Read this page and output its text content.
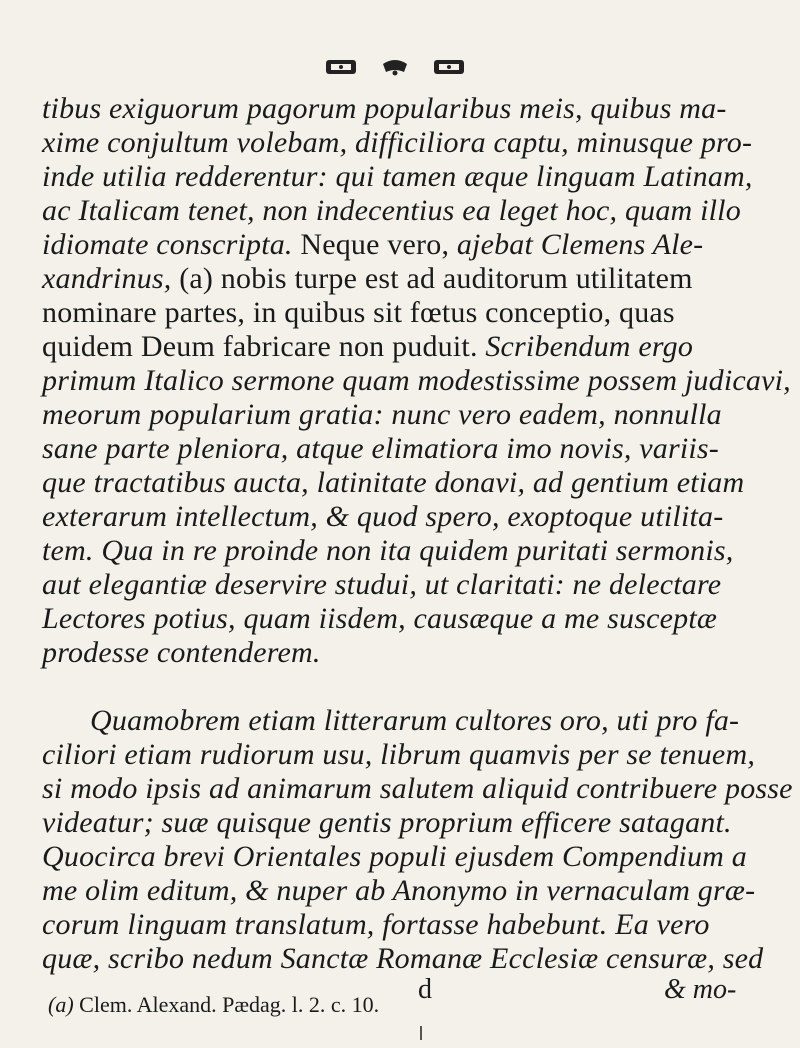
tibus exiguorum pagorum popularibus meis, quibus ma-
xime conjultum volebam, difficiliora captu, minusque pro-
inde utilia redderentur: qui tamen æque linguam Latinam,
ac Italicam tenet, non indecentius ea leget hoc, quam illo
idiomate conscripta. Neque vero, ajebat Clemens Ale-
xandrinus, (a) nobis turpe est ad auditorum utilitatem
nominare partes, in quibus sit fœtus conceptio, quas
quidem Deum fabricare non puduit. Scribendum ergo
primum Italico sermone quam modestissime possem judicavi,
meorum popularium gratia: nunc vero eadem, nonnulla
sane parte pleniora, atque elimatiora imo novis, variis-
que tractatibus aucta, latinitate donavi, ad gentium etiam
exterarum intellectum, & quod spero, exoptoque utilita-
tem. Qua in re proinde non ita quidem puritati sermonis,
aut elegantiæ deservire studui, ut claritati: ne delectare
Lectores potius, quam iisdem, causæque a me susceptæ
prodesse contenderem.
Quamobrem etiam litterarum cultores oro, uti pro fa-
ciliori etiam rudiorum usu, librum quamvis per se tenuem,
si modo ipsis ad animarum salutem aliquid contribuere posse
videatur; suæ quisque gentis proprium efficere satagant.
Quocirca brevi Orientales populi ejusdem Compendium a
me olim editum, & nuper ab Anonymo in vernaculam græ-
corum linguam translatum, fortasse habebunt. Ea vero
quæ, scribo nedum Sanctæ Romanæ Ecclesiæ censuræ, sed
d	& mo-
(a) Clem. Alexand. Pædag. l. 2. c. 10.
